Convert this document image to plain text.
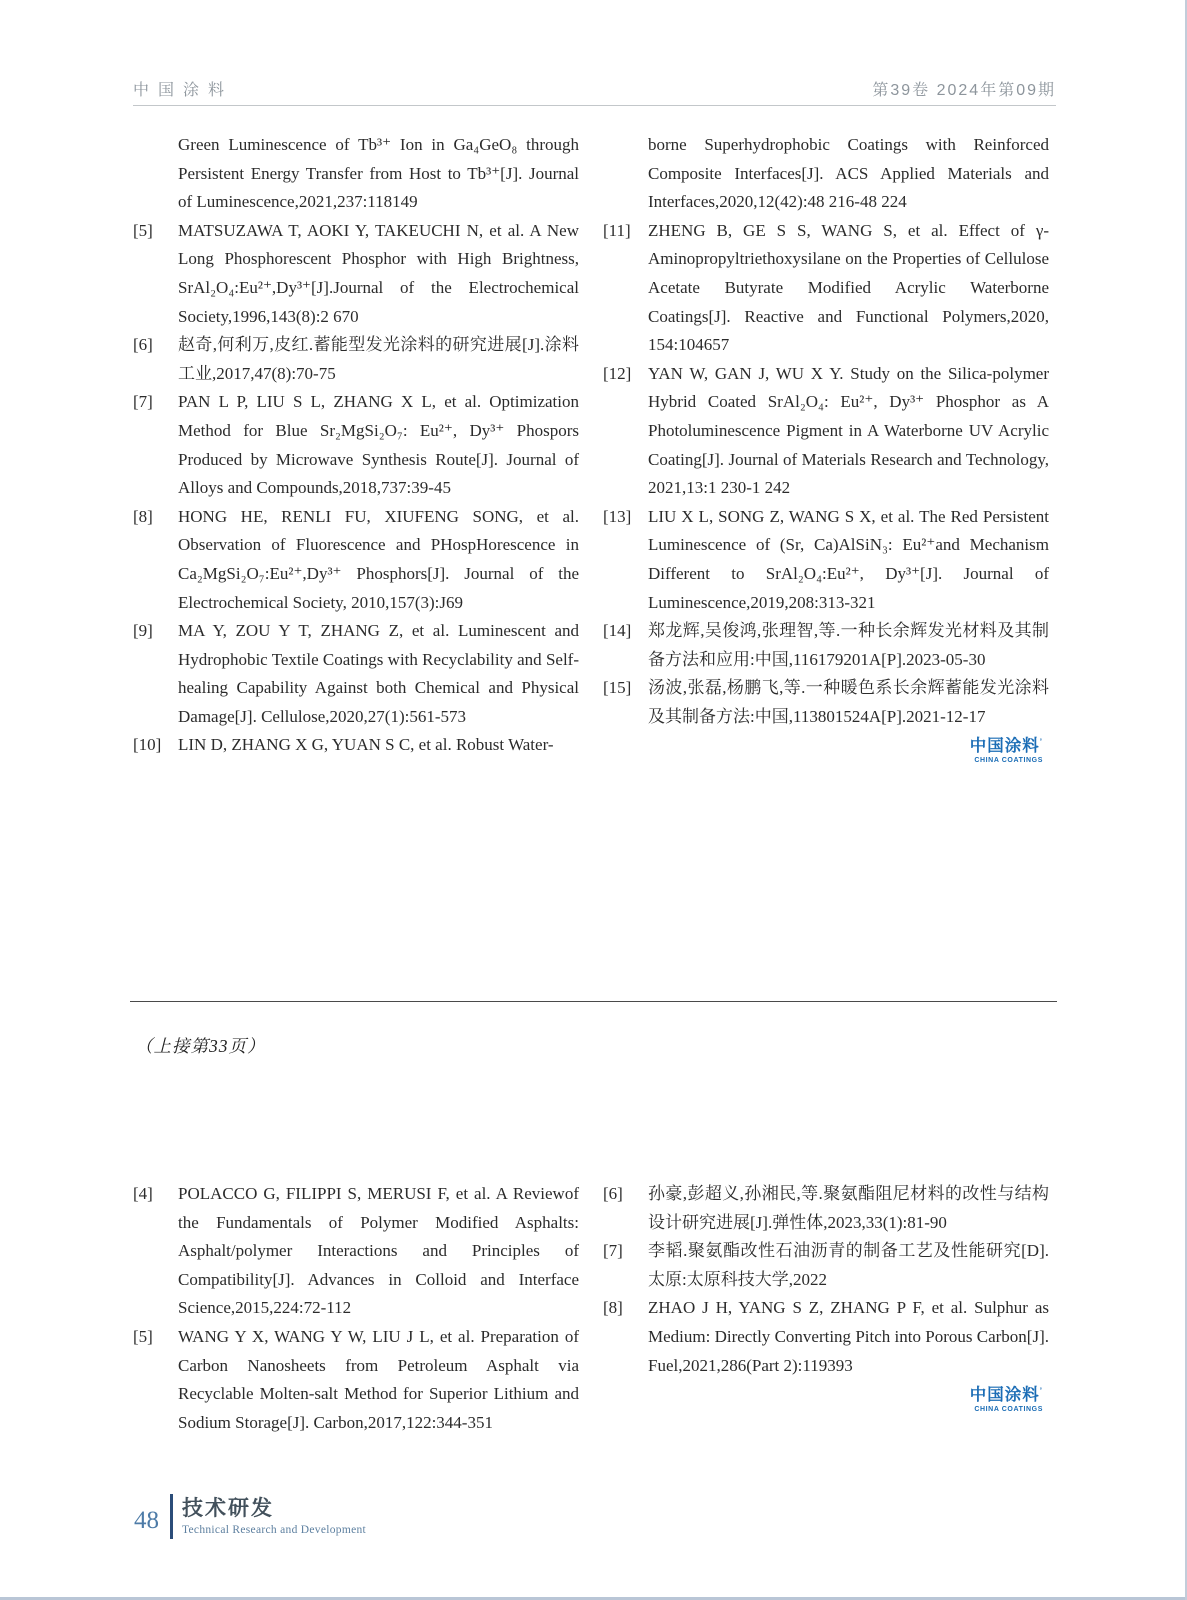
中国涂料	第39卷 2024年第09期
Green Luminescence of Tb³⁺ Ion in Ga₄GeO₈ through Persistent Energy Transfer from Host to Tb³⁺[J]. Journal of Luminescence,2021,237:118149
[5] MATSUZAWA T, AOKI Y, TAKEUCHI N, et al. A New Long Phosphorescent Phosphor with High Brightness, SrAl₂O₄:Eu²⁺,Dy³⁺[J].Journal of the Electrochemical Society,1996,143(8):2 670
[6] 赵奇,何利万,皮红.蓄能型发光涂料的研究进展[J].涂料工业,2017,47(8):70-75
[7] PAN L P, LIU S L, ZHANG X L, et al. Optimization Method for Blue Sr₂MgSi₂O₇: Eu²⁺, Dy³⁺ Phospors Produced by Microwave Synthesis Route[J]. Journal of Alloys and Compounds,2018,737:39-45
[8] HONG HE, RENLI FU, XIUFENG SONG, et al. Observation of Fluorescence and PHospHorescence in Ca₂MgSi₂O₇:Eu²⁺,Dy³⁺ Phosphors[J]. Journal of the Electrochemical Society, 2010,157(3):J69
[9] MA Y, ZOU Y T, ZHANG Z, et al. Luminescent and Hydrophobic Textile Coatings with Recyclability and Self-healing Capability Against both Chemical and Physical Damage[J]. Cellulose,2020,27(1):561-573
[10] LIN D, ZHANG X G, YUAN S C, et al. Robust Water-
borne Superhydrophobic Coatings with Reinforced Composite Interfaces[J]. ACS Applied Materials and Interfaces,2020,12(42):48 216-48 224
[11] ZHENG B, GE S S, WANG S, et al. Effect of γ-Aminopropyltriethoxysilane on the Properties of Cellulose Acetate Butyrate Modified Acrylic Waterborne Coatings[J]. Reactive and Functional Polymers,2020, 154:104657
[12] YAN W, GAN J, WU X Y. Study on the Silica-polymer Hybrid Coated SrAl₂O₄: Eu²⁺, Dy³⁺ Phosphor as A Photoluminescence Pigment in A Waterborne UV Acrylic Coating[J]. Journal of Materials Research and Technology, 2021,13:1 230-1 242
[13] LIU X L, SONG Z, WANG S X, et al. The Red Persistent Luminescence of (Sr, Ca)AlSiN₃: Eu²⁺and Mechanism Different to SrAl₂O₄:Eu²⁺, Dy³⁺[J]. Journal of Luminescence,2019,208:313-321
[14] 郑龙辉,吴俊鸿,张理智,等.一种长余辉发光材料及其制备方法和应用:中国,116179201A[P].2023-05-30
[15] 汤波,张磊,杨鹏飞,等.一种暖色系长余辉蓄能发光涂料及其制备方法:中国,113801524A[P].2021-12-17
中国涂料’
CHINA COATINGS
（上接第33页）
[4] POLACCO G, FILIPPI S, MERUSI F, et al. A Reviewof the Fundamentals of Polymer Modified Asphalts: Asphalt/polymer Interactions and Principles of Compatibility[J]. Advances in Colloid and Interface Science,2015,224:72-112
[5] WANG Y X, WANG Y W, LIU J L, et al. Preparation of Carbon Nanosheets from Petroleum Asphalt via Recyclable Molten-salt Method for Superior Lithium and Sodium Storage[J]. Carbon,2017,122:344-351
[6] 孙豪,彭超义,孙湘民,等.聚氨酯阻尼材料的改性与结构设计研究进展[J].弹性体,2023,33(1):81-90
[7] 李韬.聚氨酯改性石油沥青的制备工艺及性能研究[D].太原:太原科技大学,2022
[8] ZHAO J H, YANG S Z, ZHANG P F, et al. Sulphur as Medium: Directly Converting Pitch into Porous Carbon[J]. Fuel,2021,286(Part 2):119393
中国涂料’
CHINA COATINGS
48 技术研发
Technical Research and Development
